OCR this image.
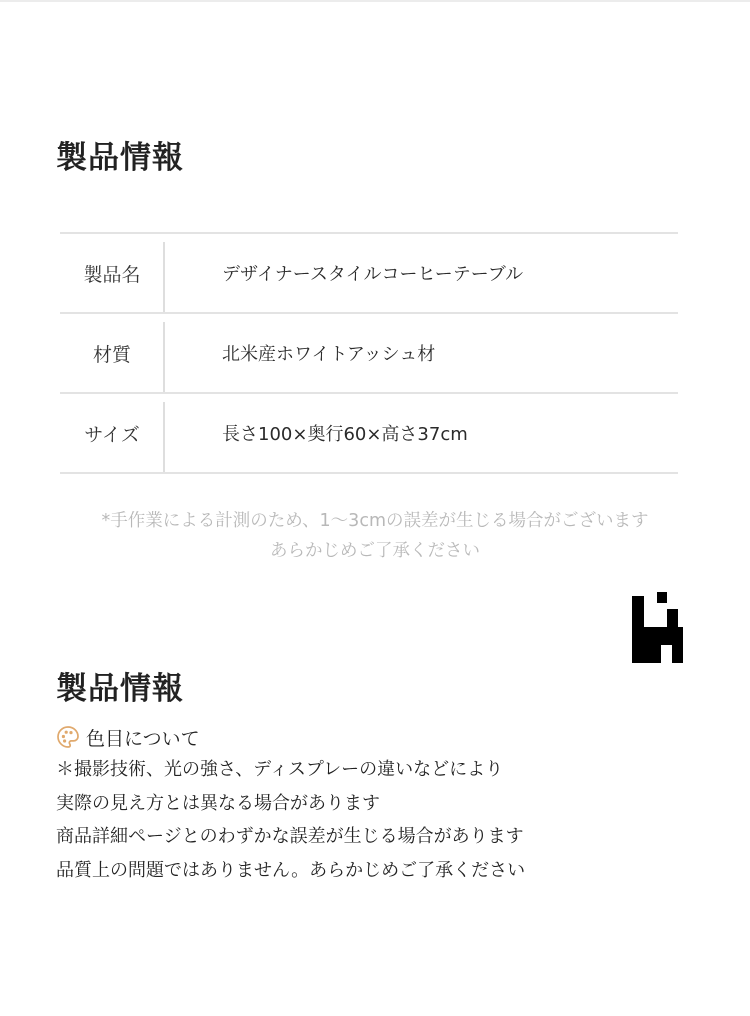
製品情報
製品名	デザイナースタイルコーヒーテーブル
材質	北米産ホワイトアッシュ材
サイズ	長さ100×奥行60×高さ37cm
*手作業による計測のため、1〜3cmの誤差が生じる場合がございます
あらかじめご了承ください
製品情報
色目について
＊撮影技術、光の強さ、ディスプレーの違いなどにより
実際の見え方とは異なる場合があります
商品詳細ページとのわずかな誤差が生じる場合があります
品質上の問題ではありません。あらかじめご了承ください
